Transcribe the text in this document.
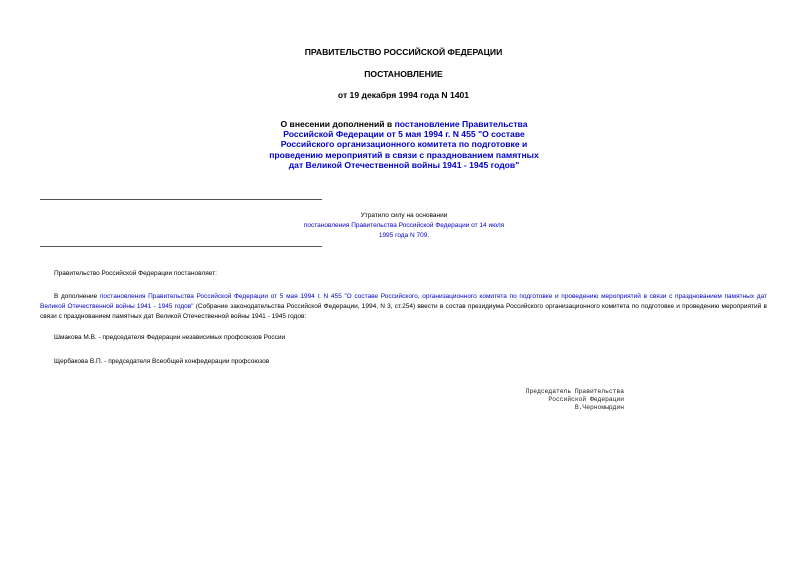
ПРАВИТЕЛЬСТВО РОССИЙСКОЙ ФЕДЕРАЦИИ
ПОСТАНОВЛЕНИЕ
от 19 декабря 1994 года N 1401
О внесении дополнений в постановление Правительства Российской Федерации от 5 мая 1994 г. N 455 "О составе Российского организационного комитета по подготовке и проведению мероприятий в связи с празднованием памятных дат Великой Отечественной войны 1941 - 1945 годов"
Утратило силу на основании
постановления Правительства Российской Федерации от 14 июля 1995 года N 709.
Правительство Российской Федерации постановляет:
В дополнение постановления Правительства Российской Федерации от 5 мая 1994 г. N 455 "О составе Российского, организационного комитета по подготовке и проведению мероприятий в связи с празднованием памятных дат Великой Отечественной войны 1941 - 1945 годов" (Собрание законодательства Российской Федерации, 1994, N 3, ст.254) ввести в состав президиума Российского организационного комитета по подготовке и проведению мероприятий в связи с празднованием памятных дат Великой Отечественной войны 1941 - 1945 годов:
Шмакова М.В. - председателя Федерации независимых профсоюзов России
Щербакова В.П. - председателя Всеобщей конфедерации профсоюзов
Председатель Правительства
Российской Федерации
В.Черномырдин
